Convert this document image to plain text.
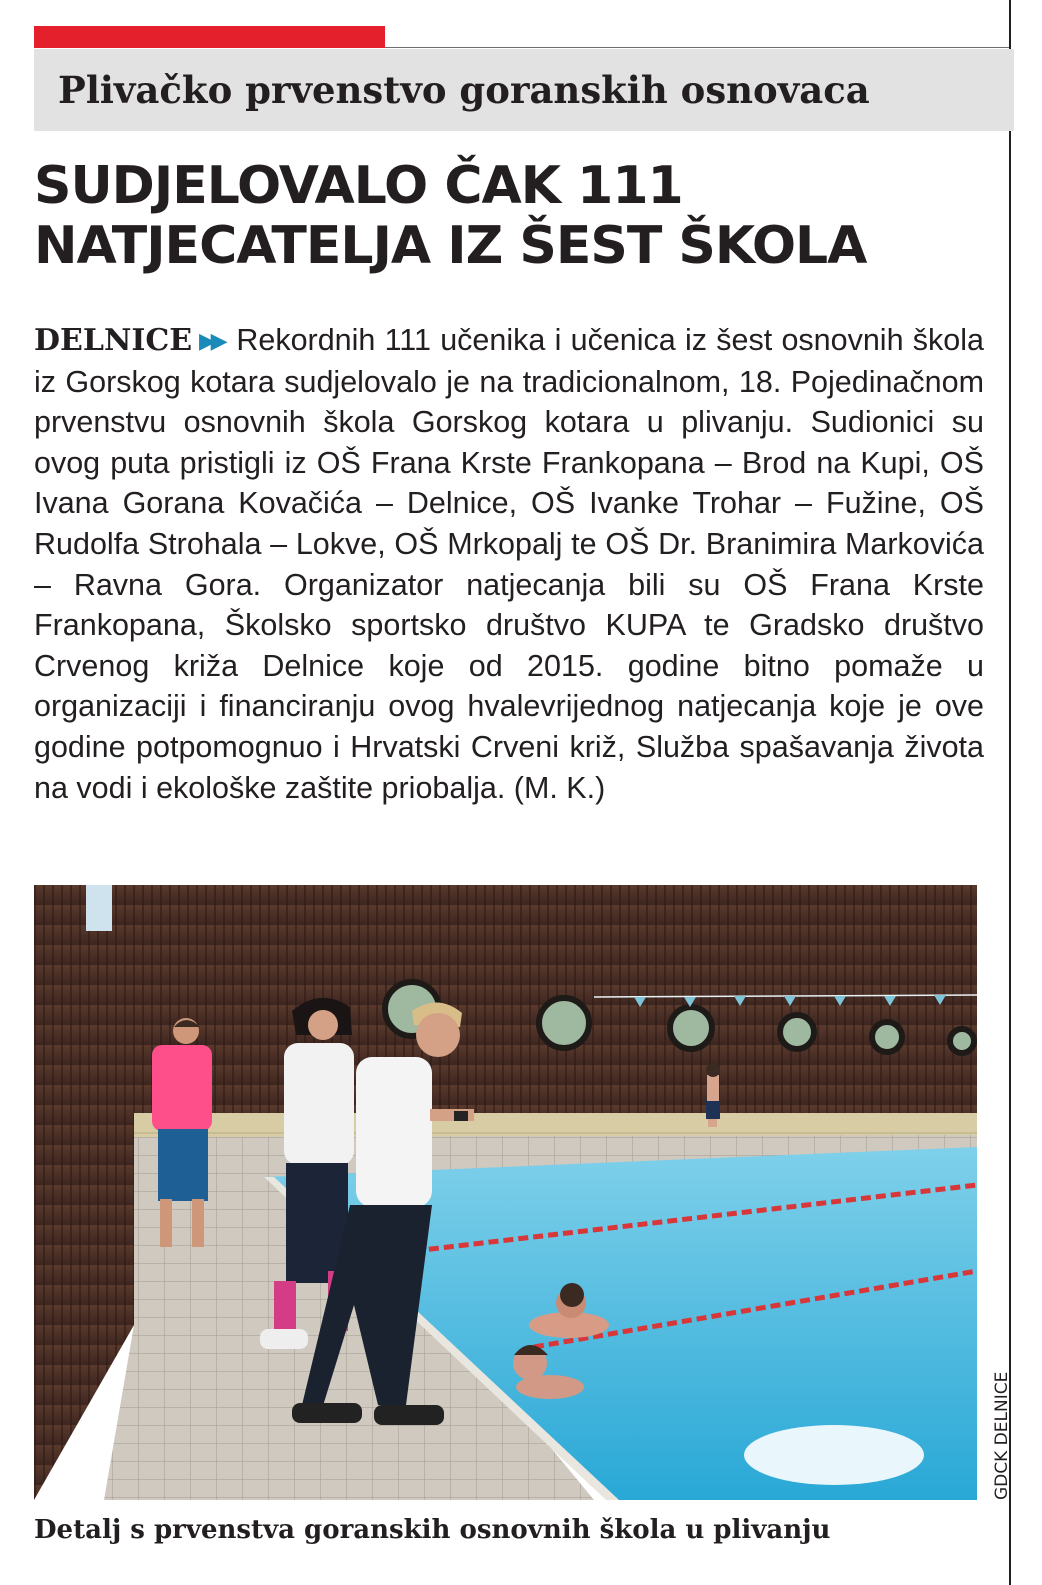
Plivačko prvenstvo goranskih osnovaca
SUDJELOVALO ČAK 111
NATJECATELJA IZ ŠEST ŠKOLA

DELNICE ▶▶ Rekordnih 111 učenika i učenica iz šest osnovnih škola iz Gorskog kotara sudjelovalo je na tradicionalnom, 18. Pojedinačnom prvenstvu osnovnih škola Gorskog kotara u plivanju. Sudionici su ovog puta pristigli iz OŠ Frana Krste Frankopana – Brod na Kupi, OŠ Ivana Gorana Kovačića – Delnice, OŠ Ivanke Trohar – Fužine, OŠ Rudolfa Strohala – Lokve, OŠ Mrkopalj te OŠ Dr. Branimira Markovića – Ravna Gora. Organizator natjecanja bili su OŠ Frana Krste Frankopana, Školsko sportsko društvo KUPA te Gradsko društvo Crvenog križa Delnice koje od 2015. godine bitno pomaže u organizaciji i financiranju ovog hvalevrijednog natjecanja koje je ove godine potpomognuo i Hrvatski Crveni križ, Služba spašavanja života na vodi i ekološke zaštite priobalja. (M. K.)

GDCK DELNICE

Detalj s prvenstva goranskih osnovnih škola u plivanju
